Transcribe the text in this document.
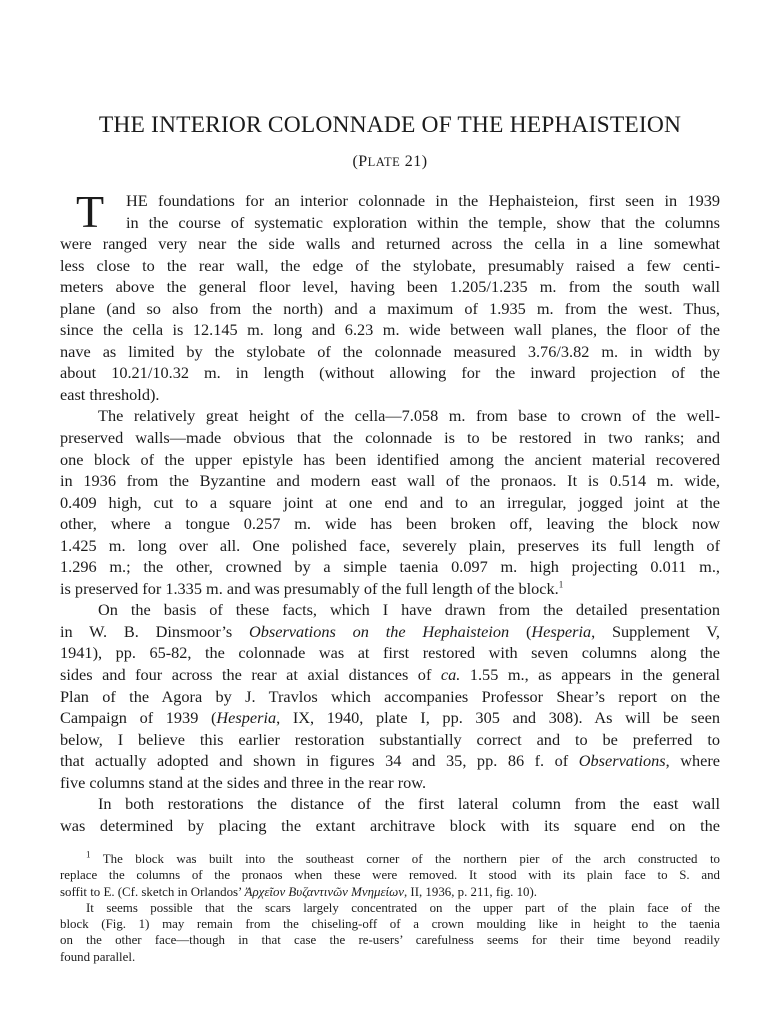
THE INTERIOR COLONNADE OF THE HEPHAISTEION
(PLATE 21)
T	HE foundations for an interior colonnade in the Hephaisteion, first seen in 1939
in the course of systematic exploration within the temple, show that the columns
were ranged very near the side walls and returned across the cella in a line somewhat
less close to the rear wall, the edge of the stylobate, presumably raised a few centi-
meters above the general floor level, having been 1.205/1.235 m. from the south wall
plane (and so also from the north) and a maximum of 1.935 m. from the west. Thus,
since the cella is 12.145 m. long and 6.23 m. wide between wall planes, the floor of the
nave as limited by the stylobate of the colonnade measured 3.76/3.82 m. in width by
about 10.21/10.32 m. in length (without allowing for the inward projection of the
east threshold).
The relatively great height of the cella—7.058 m. from base to crown of the well-
preserved walls—made obvious that the colonnade is to be restored in two ranks; and
one block of the upper epistyle has been identified among the ancient material recovered
in 1936 from the Byzantine and modern east wall of the pronaos. It is 0.514 m. wide,
0.409 high, cut to a square joint at one end and to an irregular, jogged joint at the
other, where a tongue 0.257 m. wide has been broken off, leaving the block now
1.425 m. long over all. One polished face, severely plain, preserves its full length of
1.296 m.; the other, crowned by a simple taenia 0.097 m. high projecting 0.011 m.,
is preserved for 1.335 m. and was presumably of the full length of the block.$^1$
On the basis of these facts, which I have drawn from the detailed presentation
in W. B. Dinsmoor’s Observations on the Hephaisteion (Hesperia, Supplement V,
1941), pp. 65-82, the colonnade was at first restored with seven columns along the
sides and four across the rear at axial distances of ca. 1.55 m., as appears in the general
Plan of the Agora by J. Travlos which accompanies Professor Shear’s report on the
Campaign of 1939 (Hesperia, IX, 1940, plate I, pp. 305 and 308). As will be seen
below, I believe this earlier restoration substantially correct and to be preferred to
that actually adopted and shown in figures 34 and 35, pp. 86 f. of Observations, where
five columns stand at the sides and three in the rear row.
In both restorations the distance of the first lateral column from the east wall
was determined by placing the extant architrave block with its square end on the
$^1$ The block was built into the southeast corner of the northern pier of the arch constructed to
replace the columns of the pronaos when these were removed. It stood with its plain face to S. and
soffit to E. (Cf. sketch in Orlandos’ Ἀρχεῖον Βυζαντινῶν Μνημείων, II, 1936, p. 211, fig. 10).
It seems possible that the scars largely concentrated on the upper part of the plain face of the
block (Fig. 1) may remain from the chiseling-off of a crown moulding like in height to the taenia
on the other face—though in that case the re-users’ carefulness seems for their time beyond readily
found parallel.
